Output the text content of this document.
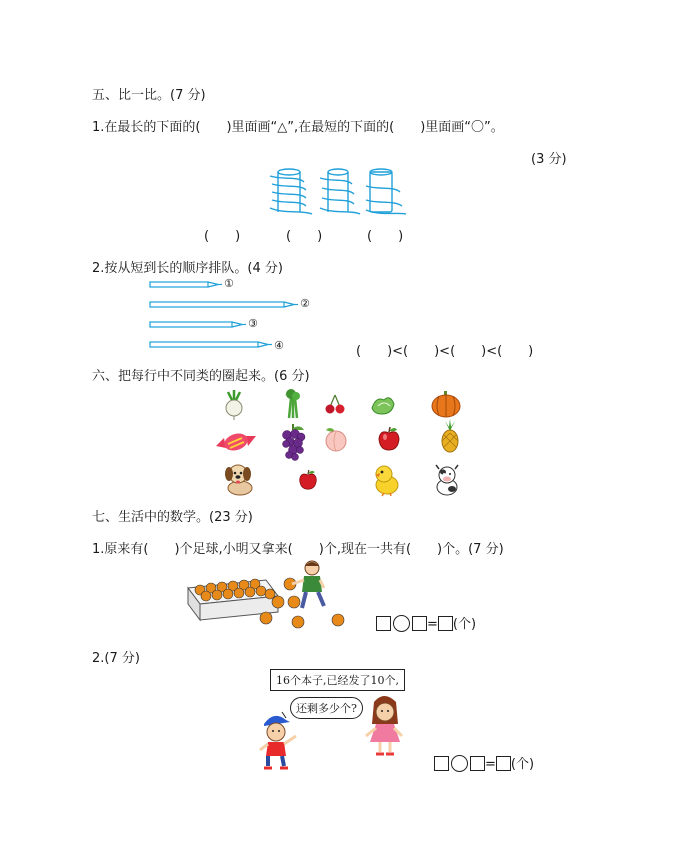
五、比一比。(7 分)
1.在最长的下面的(　　)里面画“△”,在最短的下面的(　　)里面画“〇”。
(3 分)
(　　)	(　　)	(　　)
2.按从短到长的顺序排队。(4 分)
①
②
③
④	(　　)<(　　)<(　　)<(　　)
六、把每行中不同类的圈起来。(6 分)
七、生活中的数学。(23 分)
1.原来有(　　)个足球,小明又拿来(　　)个,现在一共有(　　)个。(7 分)
= (个)
2.(7 分)
16个本子,已经发了10个,
还剩多少个?
= (个)
